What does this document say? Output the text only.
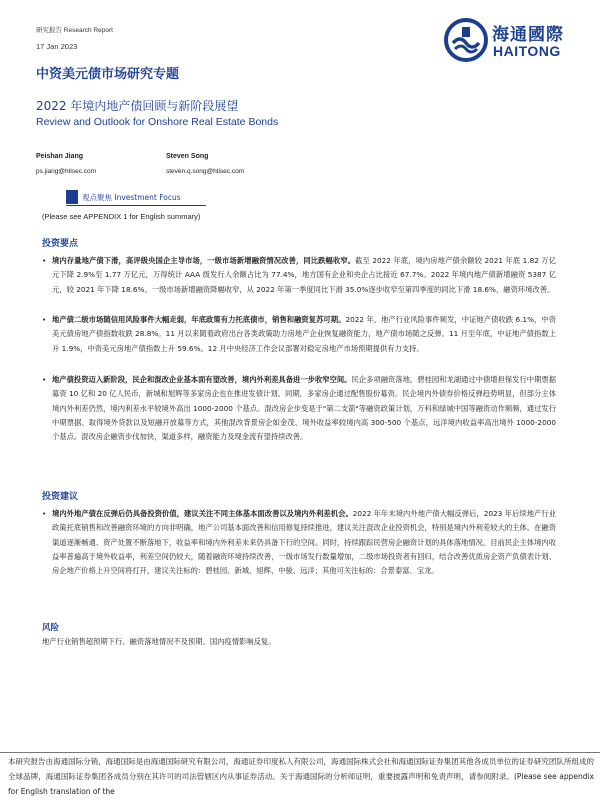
研究报告 Research Report
17 Jan 2023
海通國際
HAITONG
中资美元债市场研究专题
2022 年境内地产债回顾与新阶段展望
Review and Outlook for Onshore Real Estate Bonds
Peishan Jiang
ps.jiang@htisec.com
Steven Song
steven.q.song@htisec.com
观点聚焦 Investment Focus
(Please see APPENDIX 1 for English summary)
投资要点
• 境内存量地产债下滑，高评级央国企主导市场，一级市场新增融资情况改善，同比跌幅收窄。截至 2022 年底，境内房地产债余额较 2021 年底 1.82 万亿元下降 2.9%至 1.77 万亿元，万得统计 AAA 级发行人余额占比为 77.4%，地方国有企业和央企占比接近 67.7%。2022 年境内地产债新增融资 5387 亿元，较 2021 年下降 18.6%。一级市场新增融资降幅收窄，从 2022 年第一季度同比下滑 35.0%逐步收窄至第四季度的同比下滑 18.6%，融资环境改善。
• 地产债二级市场随信用风险事件大幅走弱，年底政策有力托底债市，销售和融资复苏可期。2022 年，地产行业风险事件频发，中证地产债收跌 6.1%，中资美元债房地产债指数收跌 28.8%。11 月以来随着政府出台各类政策助力房地产企业恢复融资能力，地产债市场随之反弹。11 月至年底，中证地产债指数上升 1.9%，中资美元房地产债指数上升 59.6%。12 月中央经济工作会议部署对稳定房地产市场预期提供有力支持。
• 地产债投资迈入新阶段，民企和混改企业基本面有望改善，境内外利差具备进一步收窄空间。民企多项融资落地，碧桂园和龙湖通过中债增担保发行中期票据募资 10 亿和 20 亿人民币，新城和旭辉等多家房企也在推进发债计划。同期，多家房企通过配售股份募资。民企境内外债券价格反弹趋势明显，但部分主体境内外利差仍然，境内利差水平较境外高出 1000-2000 个基点。混改房企步变是于"第二支箭"等融资政策计划，万科和绿城中国等融资动作频频，通过发行中期票据、取得境外贷款以及短融开放募等方式，其他混改背景房企如金茂、境外收益率较境内高 300-500 个基点，远洋境内收益率高出境外 1000-2000 个基点。混改房企融资步伐加快，渠道多样，融资能力及现金流有望持续改善。
投资建议
• 境内外地产债在反弹后仍具备投资价值，建议关注不同主体基本面改善以及境内外利差机会。2022 年年末境内外地产债大幅反弹后，2023 年后续地产行业政策托底销售和改善融资环境的方向非明确，地产公司基本面改善和信用修复持续推进，建议关注混改企业投资机会，特别是境内外利差较大的主体。在融资渠道逐渐畅通、资产处置不断落地下，收益率和境内外利差未来仍具备下行的空间。同时，持续跟踪民营房企融资计划的具体落地情况。目前民企主体境内收益率普遍高于境外收益率，利差空间仍较大，随着融资环境持续改善，一级市场发行数量增加，二级市场投资者有回归，结合改善优质房企资产负债表计划、房企地产价格上升空间将打开，建议关注标的：碧桂园、新城、旭辉、中骏、远洋；其他可关注标的：合景泰富、宝龙。
风险
地产行业销售超预期下行、融资落地情况不及预期、国内疫情影响反复。
本研究报告由海通国际分销，海通国际是由海通国际研究有限公司，海通证券印度私人有限公司，海通国际株式会社和海通国际证券集团其他各成员单位的证券研究团队所组成的全球品牌，海通国际证券集团各成员分别在其许可的司法管辖区内从事证券活动。关于海通国际的分析师证明，重要披露声明和免责声明，请参阅附录。(Please see appendix for English translation of the
